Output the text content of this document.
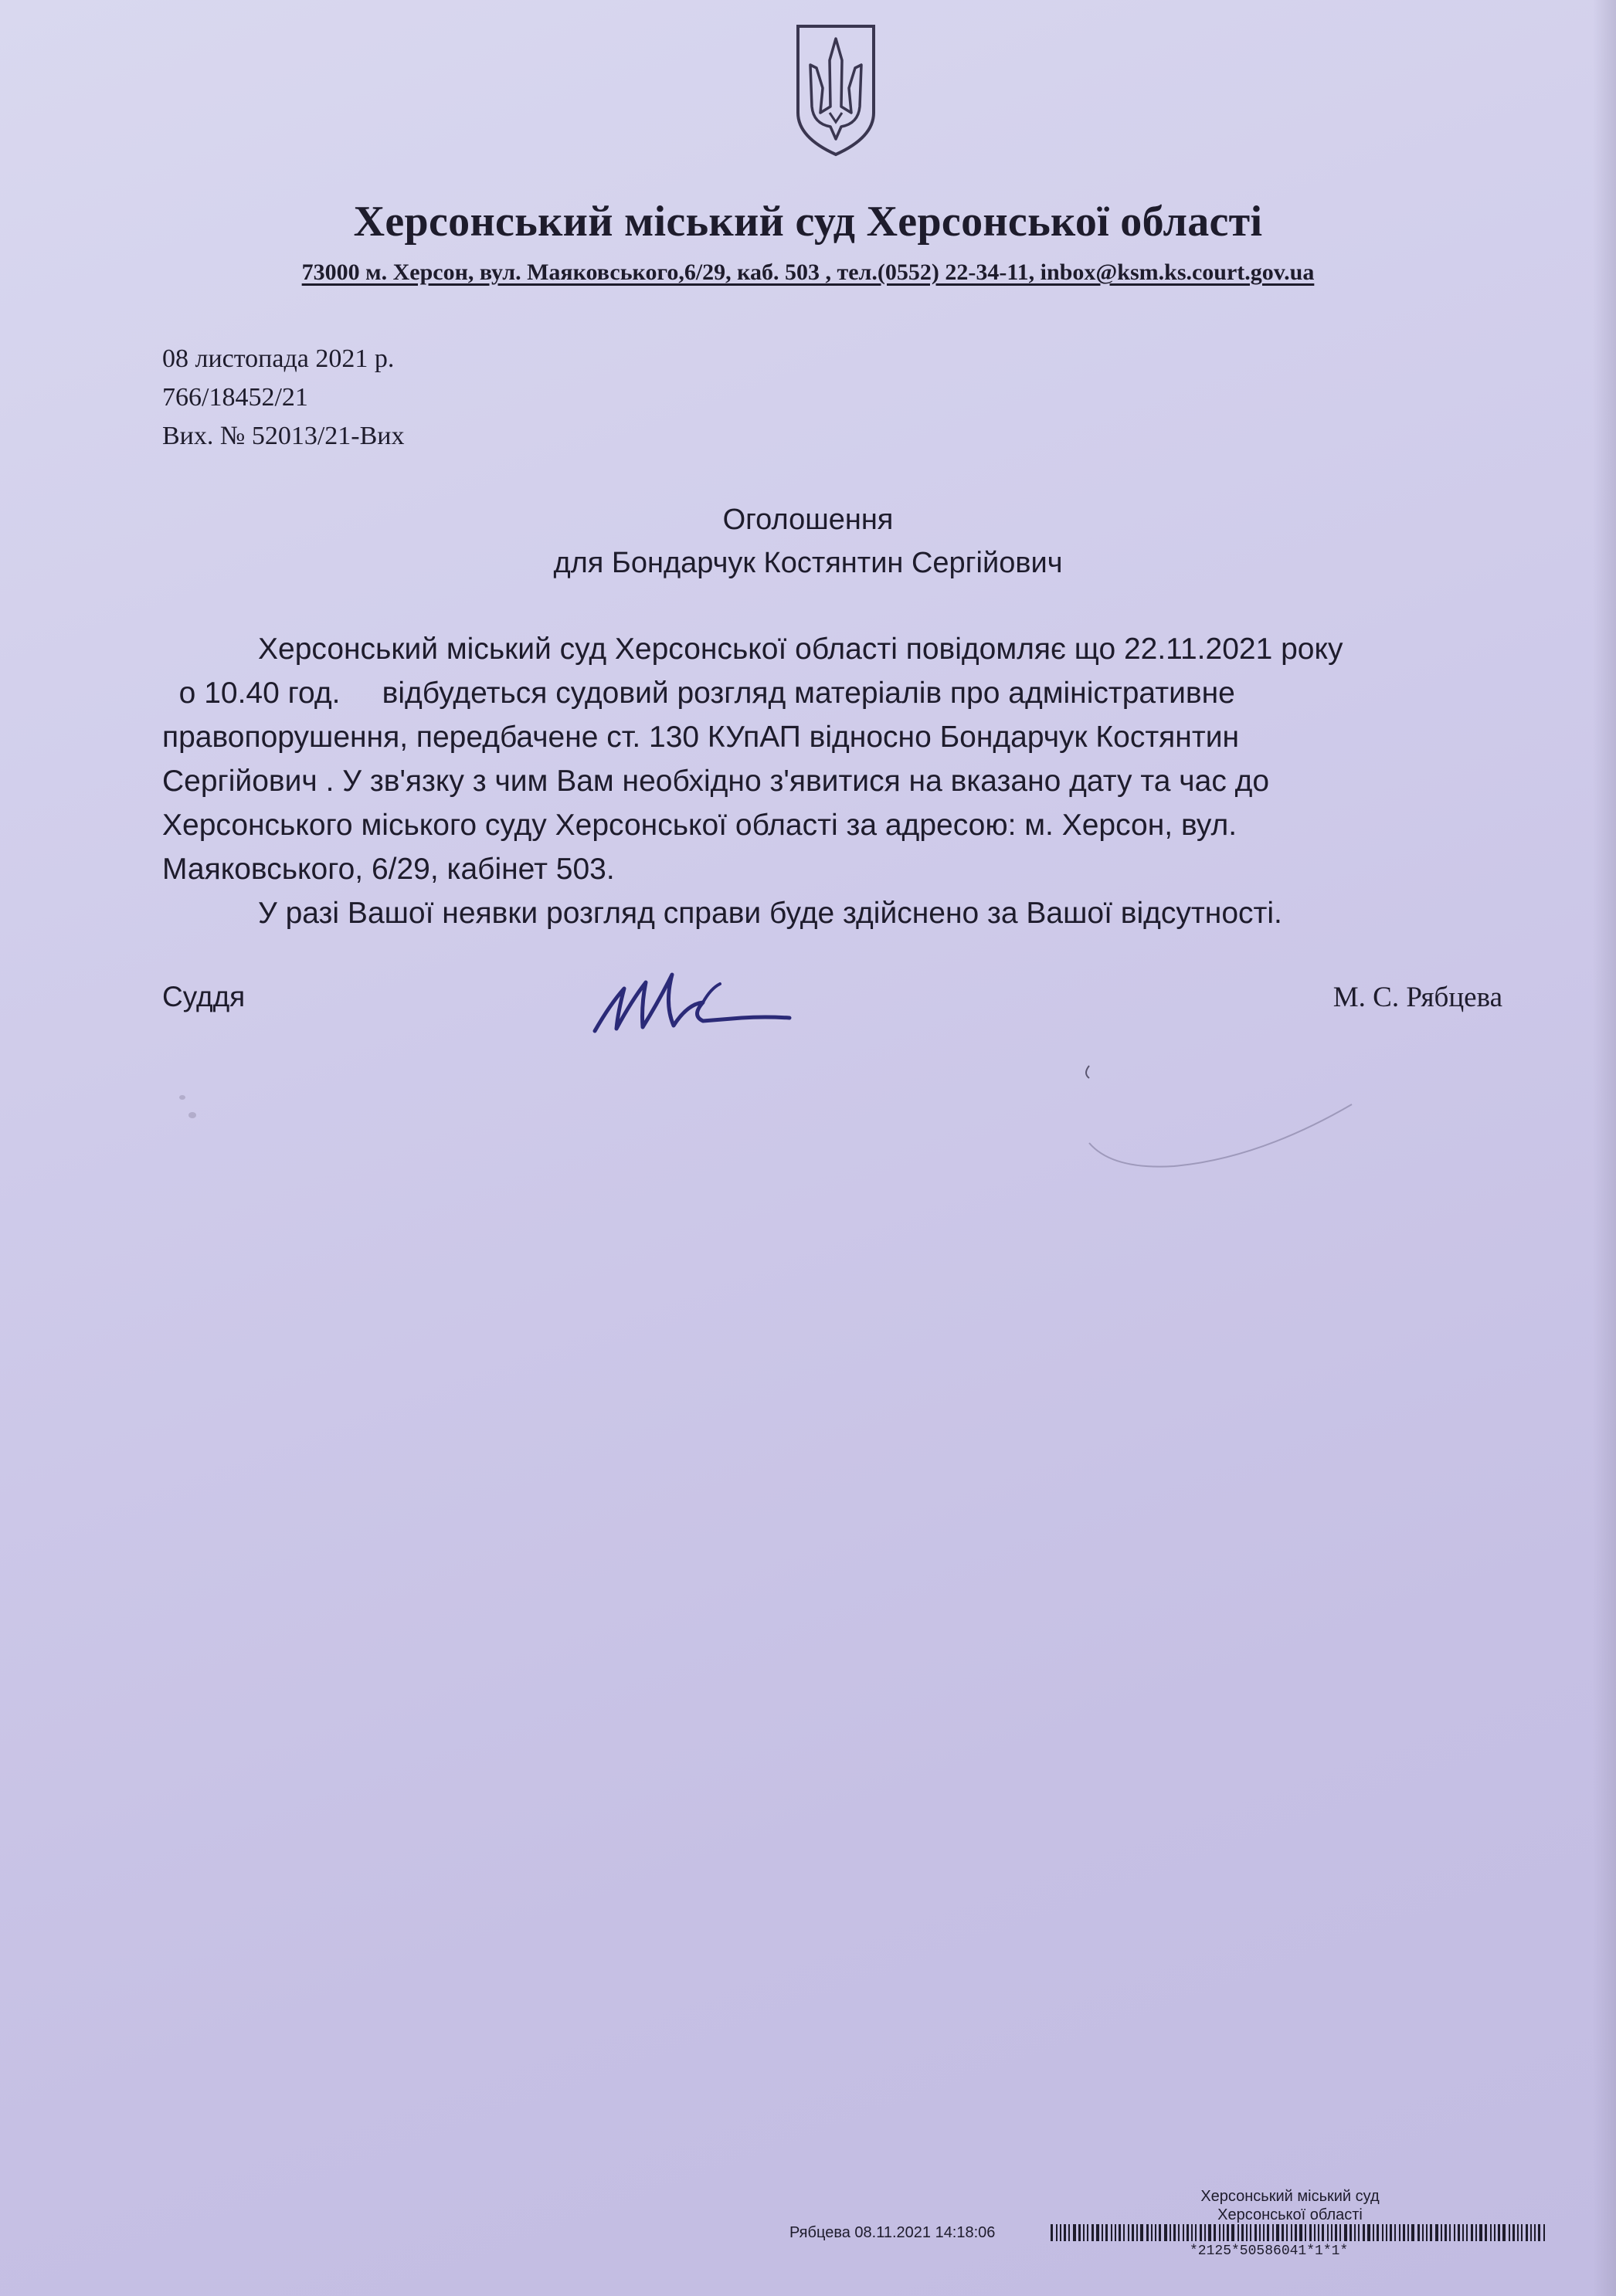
Херсонський міський суд Херсонської області
73000 м. Херсон, вул. Маяковського,6/29, каб. 503 , тел.(0552) 22-34-11, inbox@ksm.ks.court.gov.ua
08 листопада 2021 р.
766/18452/21
Вих. № 52013/21-Вих
Оголошення
для Бондарчук Костянтин Сергійович
Херсонський міський суд Херсонської області повідомляє що 22.11.2021 року
о 10.40 год.     відбудеться судовий розгляд матеріалів про адміністративне
правопорушення, передбачене ст. 130 КУпАП відносно Бондарчук Костянтин
Сергійович . У зв'язку з чим Вам необхідно з'явитися на вказано дату та час до
Херсонського міського суду Херсонської області за адресою: м. Херсон, вул.
Маяковського, 6/29, кабінет 503.
У разі Вашої неявки розгляд справи буде здійснено за Вашої відсутності.
Суддя	М. С. Рябцева
Херсонський міський суд
Херсонської області
Рябцева 08.11.2021 14:18:06
*2125*50586041*1*1*
